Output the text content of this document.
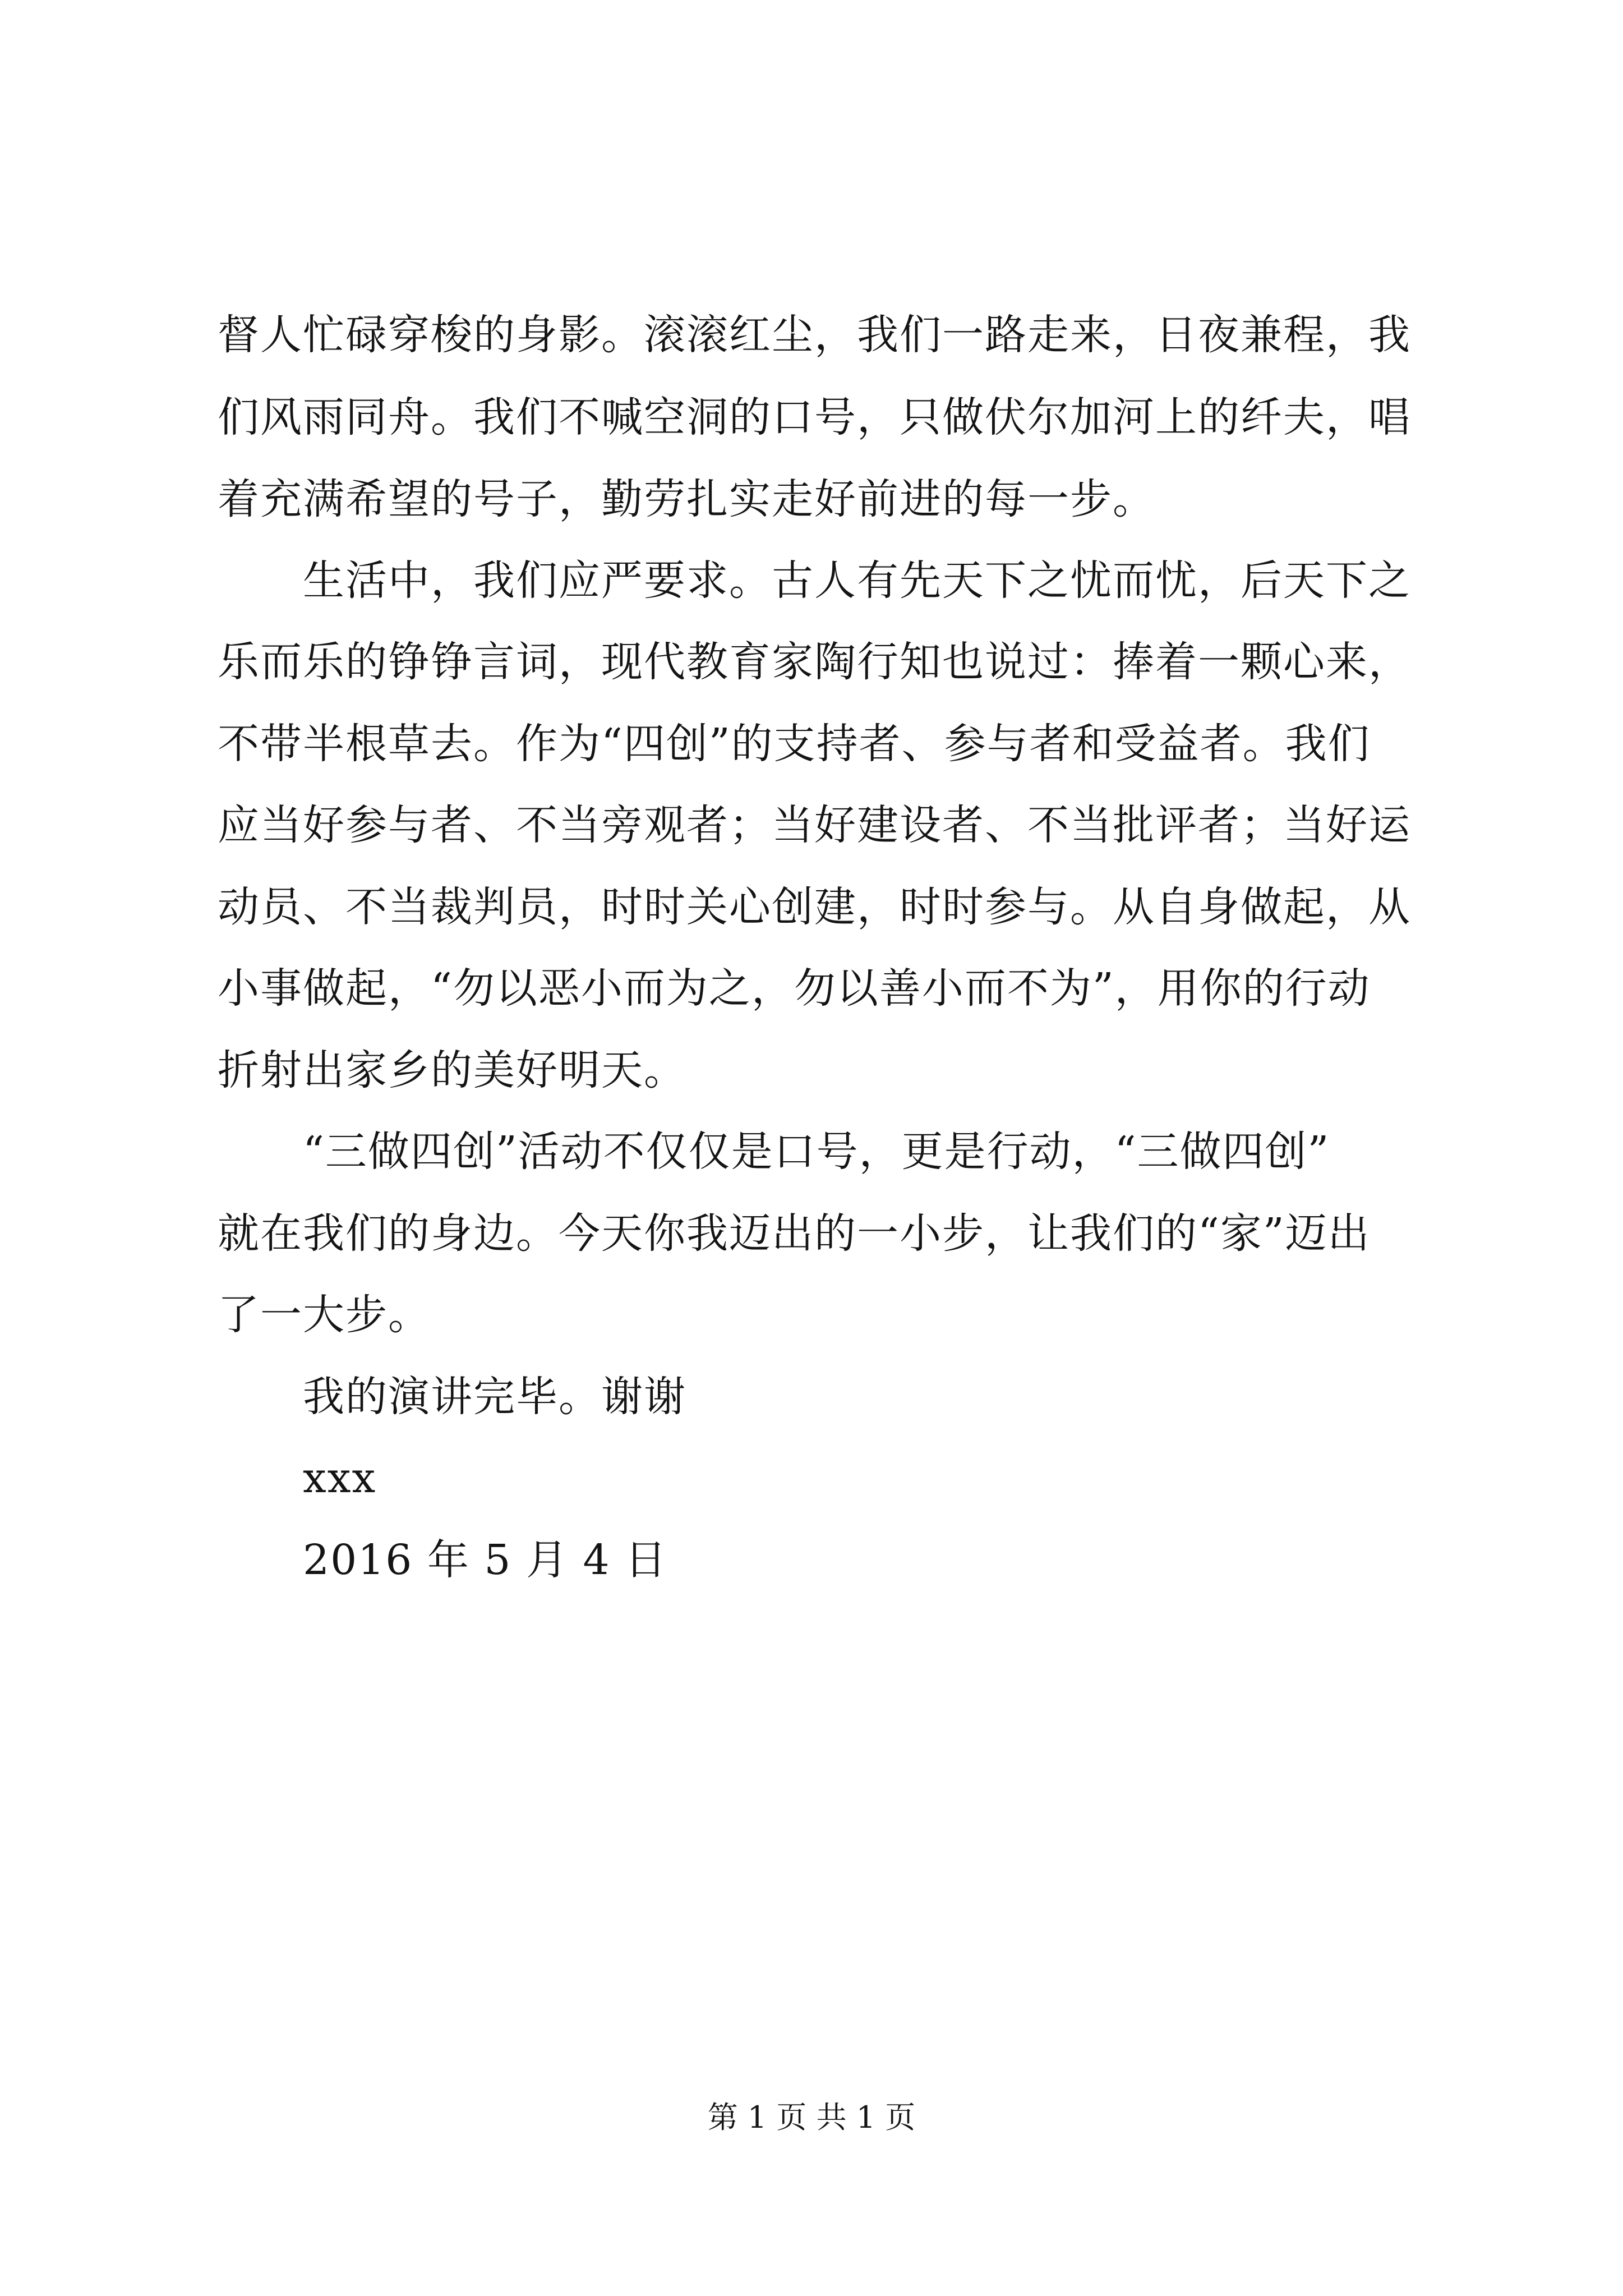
督人忙碌穿梭的身影。滚滚红尘，我们一路走来，日夜兼程，我
们风雨同舟。我们不喊空洞的口号，只做伏尔加河上的纤夫，唱
着充满希望的号子，勤劳扎实走好前进的每一步。
生活中，我们应严要求。古人有先天下之忧而忧，后天下之
乐而乐的铮铮言词，现代教育家陶行知也说过：捧着一颗心来，
不带半根草去。作为“四创”的支持者、参与者和受益者。我们
应当好参与者、不当旁观者；当好建设者、不当批评者；当好运
动员、不当裁判员，时时关心创建，时时参与。从自身做起，从
小事做起，“勿以恶小而为之，勿以善小而不为”，用你的行动
折射出家乡的美好明天。
“三做四创”活动不仅仅是口号，更是行动，“三做四创”
就在我们的身边。今天你我迈出的一小步，让我们的“家”迈出
了一大步。
我的演讲完毕。谢谢
xxx
2016 年 5 月 4 日
第 1 页 共 1 页
